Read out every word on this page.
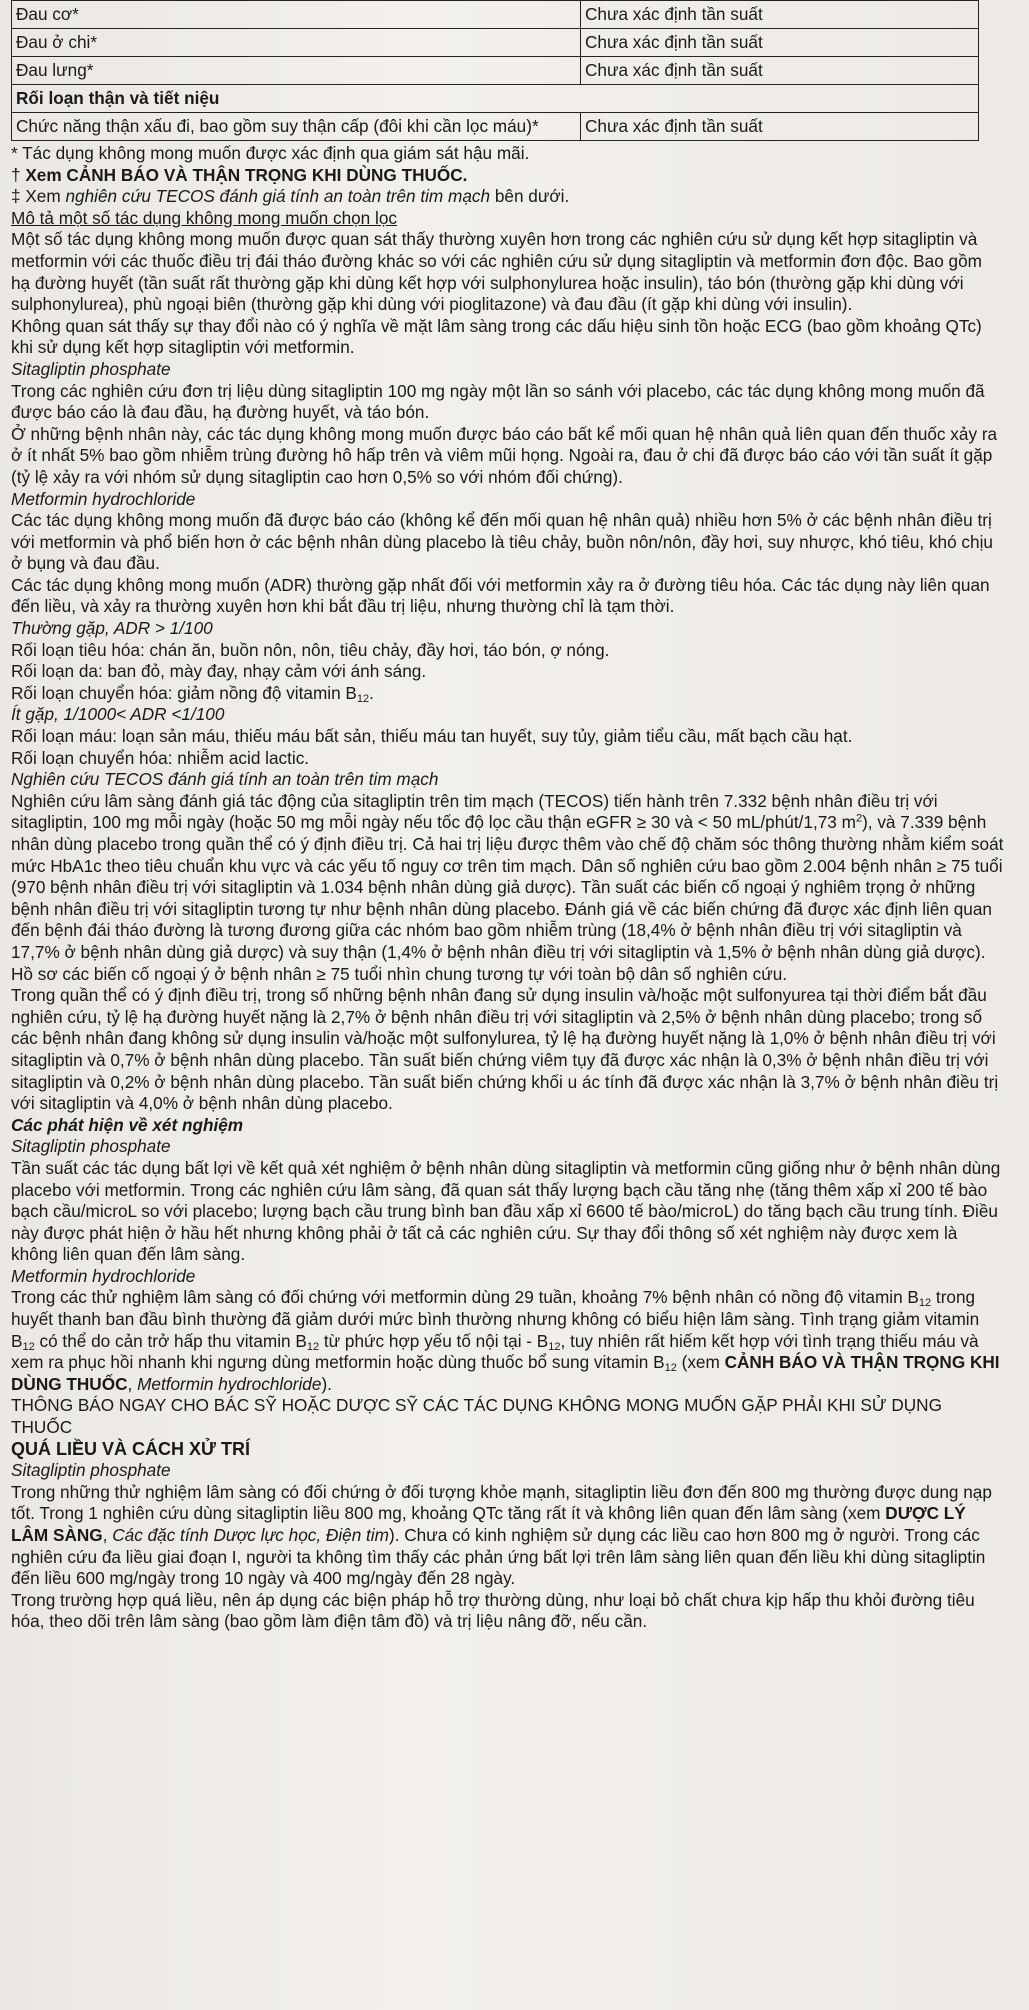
Đau cơ*	Chưa xác định tần suất
Đau ở chi*	Chưa xác định tần suất
Đau lưng*	Chưa xác định tần suất
Rối loạn thận và tiết niệu	
Chức năng thận xấu đi, bao gồm suy thận cấp (đôi khi cần lọc máu)*	Chưa xác định tần suất

* Tác dụng không mong muốn được xác định qua giám sát hậu mãi.

† Xem CẢNH BÁO VÀ THẬN TRỌNG KHI DÙNG THUỐC.

‡ Xem nghiên cứu TECOS đánh giá tính an toàn trên tim mạch bên dưới.

Mô tả một số tác dụng không mong muốn chọn lọc

Một số tác dụng không mong muốn được quan sát thấy thường xuyên hơn trong các nghiên cứu sử dụng kết hợp sitagliptin và metformin với các thuốc điều trị đái tháo đường khác so với các nghiên cứu sử dụng sitagliptin và metformin đơn độc. Bao gồm hạ đường huyết (tần suất rất thường gặp khi dùng kết hợp với sulphonylurea hoặc insulin), táo bón (thường gặp khi dùng với sulphonylurea), phù ngoại biên (thường gặp khi dùng với pioglitazone) và đau đầu (ít gặp khi dùng với insulin).

Không quan sát thấy sự thay đổi nào có ý nghĩa về mặt lâm sàng trong các dấu hiệu sinh tồn hoặc ECG (bao gồm khoảng QTc) khi sử dụng kết hợp sitagliptin với metformin.

Sitagliptin phosphate

Trong các nghiên cứu đơn trị liệu dùng sitagliptin 100 mg ngày một lần so sánh với placebo, các tác dụng không mong muốn đã được báo cáo là đau đầu, hạ đường huyết, và táo bón.

Ở những bệnh nhân này, các tác dụng không mong muốn được báo cáo bất kể mối quan hệ nhân quả liên quan đến thuốc xảy ra ở ít nhất 5% bao gồm nhiễm trùng đường hô hấp trên và viêm mũi họng. Ngoài ra, đau ở chi đã được báo cáo với tần suất ít gặp (tỷ lệ xảy ra với nhóm sử dụng sitagliptin cao hơn 0,5% so với nhóm đối chứng).

Metformin hydrochloride

Các tác dụng không mong muốn đã được báo cáo (không kể đến mối quan hệ nhân quả) nhiều hơn 5% ở các bệnh nhân điều trị với metformin và phổ biến hơn ở các bệnh nhân dùng placebo là tiêu chảy, buồn nôn/nôn, đầy hơi, suy nhược, khó tiêu, khó chịu ở bụng và đau đầu.

Các tác dụng không mong muốn (ADR) thường gặp nhất đối với metformin xảy ra ở đường tiêu hóa. Các tác dụng này liên quan đến liều, và xảy ra thường xuyên hơn khi bắt đầu trị liệu, nhưng thường chỉ là tạm thời.

Thường gặp, ADR > 1/100

Rối loạn tiêu hóa: chán ăn, buồn nôn, nôn, tiêu chảy, đầy hơi, táo bón, ợ nóng.

Rối loạn da: ban đỏ, mày đay, nhạy cảm với ánh sáng.

Rối loạn chuyển hóa: giảm nồng độ vitamin $B_{12}$.

Ít gặp, 1/1000< ADR <1/100

Rối loạn máu: loạn sản máu, thiếu máu bất sản, thiếu máu tan huyết, suy tủy, giảm tiểu cầu, mất bạch cầu hạt.

Rối loạn chuyển hóa: nhiễm acid lactic.

Nghiên cứu TECOS đánh giá tính an toàn trên tim mạch

Nghiên cứu lâm sàng đánh giá tác động của sitagliptin trên tim mạch (TECOS) tiến hành trên 7.332 bệnh nhân điều trị với sitagliptin, 100 mg mỗi ngày (hoặc 50 mg mỗi ngày nếu tốc độ lọc cầu thận eGFR ≥ 30 và < 50 mL/phút/1,73 $m^2$), và 7.339 bệnh nhân dùng placebo trong quần thể có ý định điều trị. Cả hai trị liệu được thêm vào chế độ chăm sóc thông thường nhằm kiểm soát mức HbA1c theo tiêu chuẩn khu vực và các yếu tố nguy cơ trên tim mạch. Dân số nghiên cứu bao gồm 2.004 bệnh nhân ≥ 75 tuổi (970 bệnh nhân điều trị với sitagliptin và 1.034 bệnh nhân dùng giả dược). Tần suất các biến cố ngoại ý nghiêm trọng ở những bệnh nhân điều trị với sitagliptin tương tự như bệnh nhân dùng placebo. Đánh giá về các biến chứng đã được xác định liên quan đến bệnh đái tháo đường là tương đương giữa các nhóm bao gồm nhiễm trùng (18,4% ở bệnh nhân điều trị với sitagliptin và 17,7% ở bệnh nhân dùng giả dược) và suy thận (1,4% ở bệnh nhân điều trị với sitagliptin và 1,5% ở bệnh nhân dùng giả dược). Hồ sơ các biến cố ngoại ý ở bệnh nhân ≥ 75 tuổi nhìn chung tương tự với toàn bộ dân số nghiên cứu.

Trong quần thể có ý định điều trị, trong số những bệnh nhân đang sử dụng insulin và/hoặc một sulfonyurea tại thời điểm bắt đầu nghiên cứu, tỷ lệ hạ đường huyết nặng là 2,7% ở bệnh nhân điều trị với sitagliptin và 2,5% ở bệnh nhân dùng placebo; trong số các bệnh nhân đang không sử dụng insulin và/hoặc một sulfonylurea, tỷ lệ hạ đường huyết nặng là 1,0% ở bệnh nhân điều trị với sitagliptin và 0,7% ở bệnh nhân dùng placebo. Tần suất biến chứng viêm tụy đã được xác nhận là 0,3% ở bệnh nhân điều trị với sitagliptin và 0,2% ở bệnh nhân dùng placebo. Tần suất biến chứng khối u ác tính đã được xác nhận là 3,7% ở bệnh nhân điều trị với sitagliptin và 4,0% ở bệnh nhân dùng placebo.

Các phát hiện về xét nghiệm

Sitagliptin phosphate

Tần suất các tác dụng bất lợi về kết quả xét nghiệm ở bệnh nhân dùng sitagliptin và metformin cũng giống như ở bệnh nhân dùng placebo với metformin. Trong các nghiên cứu lâm sàng, đã quan sát thấy lượng bạch cầu tăng nhẹ (tăng thêm xấp xỉ 200 tế bào bạch cầu/microL so với placebo; lượng bạch cầu trung bình ban đầu xấp xỉ 6600 tế bào/microL) do tăng bạch cầu trung tính. Điều này được phát hiện ở hầu hết nhưng không phải ở tất cả các nghiên cứu. Sự thay đổi thông số xét nghiệm này được xem là không liên quan đến lâm sàng.

Metformin hydrochloride

Trong các thử nghiệm lâm sàng có đối chứng với metformin dùng 29 tuần, khoảng 7% bệnh nhân có nồng độ vitamin $B_{12}$ trong huyết thanh ban đầu bình thường đã giảm dưới mức bình thường nhưng không có biểu hiện lâm sàng. Tình trạng giảm vitamin $B_{12}$ có thể do cản trở hấp thu vitamin $B_{12}$ từ phức hợp yếu tố nội tại - $B_{12}$, tuy nhiên rất hiếm kết hợp với tình trạng thiếu máu và xem ra phục hồi nhanh khi ngưng dùng metformin hoặc dùng thuốc bổ sung vitamin $B_{12}$ (xem CẢNH BÁO VÀ THẬN TRỌNG KHI DÙNG THUỐC, Metformin hydrochloride).

THÔNG BÁO NGAY CHO BÁC SỸ HOẶC DƯỢC SỸ CÁC TÁC DỤNG KHÔNG MONG MUỐN GẶP PHẢI KHI SỬ DỤNG THUỐC

QUÁ LIỀU VÀ CÁCH XỬ TRÍ

Sitagliptin phosphate

Trong những thử nghiệm lâm sàng có đối chứng ở đối tượng khỏe mạnh, sitagliptin liều đơn đến 800 mg thường được dung nạp tốt. Trong 1 nghiên cứu dùng sitagliptin liều 800 mg, khoảng QTc tăng rất ít và không liên quan đến lâm sàng (xem DƯỢC LÝ LÂM SÀNG, Các đặc tính Dược lực học, Điện tim). Chưa có kinh nghiệm sử dụng các liều cao hơn 800 mg ở người. Trong các nghiên cứu đa liều giai đoạn I, người ta không tìm thấy các phản ứng bất lợi trên lâm sàng liên quan đến liều khi dùng sitagliptin đến liều 600 mg/ngày trong 10 ngày và 400 mg/ngày đến 28 ngày.

Trong trường hợp quá liều, nên áp dụng các biện pháp hỗ trợ thường dùng, như loại bỏ chất chưa kịp hấp thu khỏi đường tiêu hóa, theo dõi trên lâm sàng (bao gồm làm điện tâm đồ) và trị liệu nâng đỡ, nếu cần.
